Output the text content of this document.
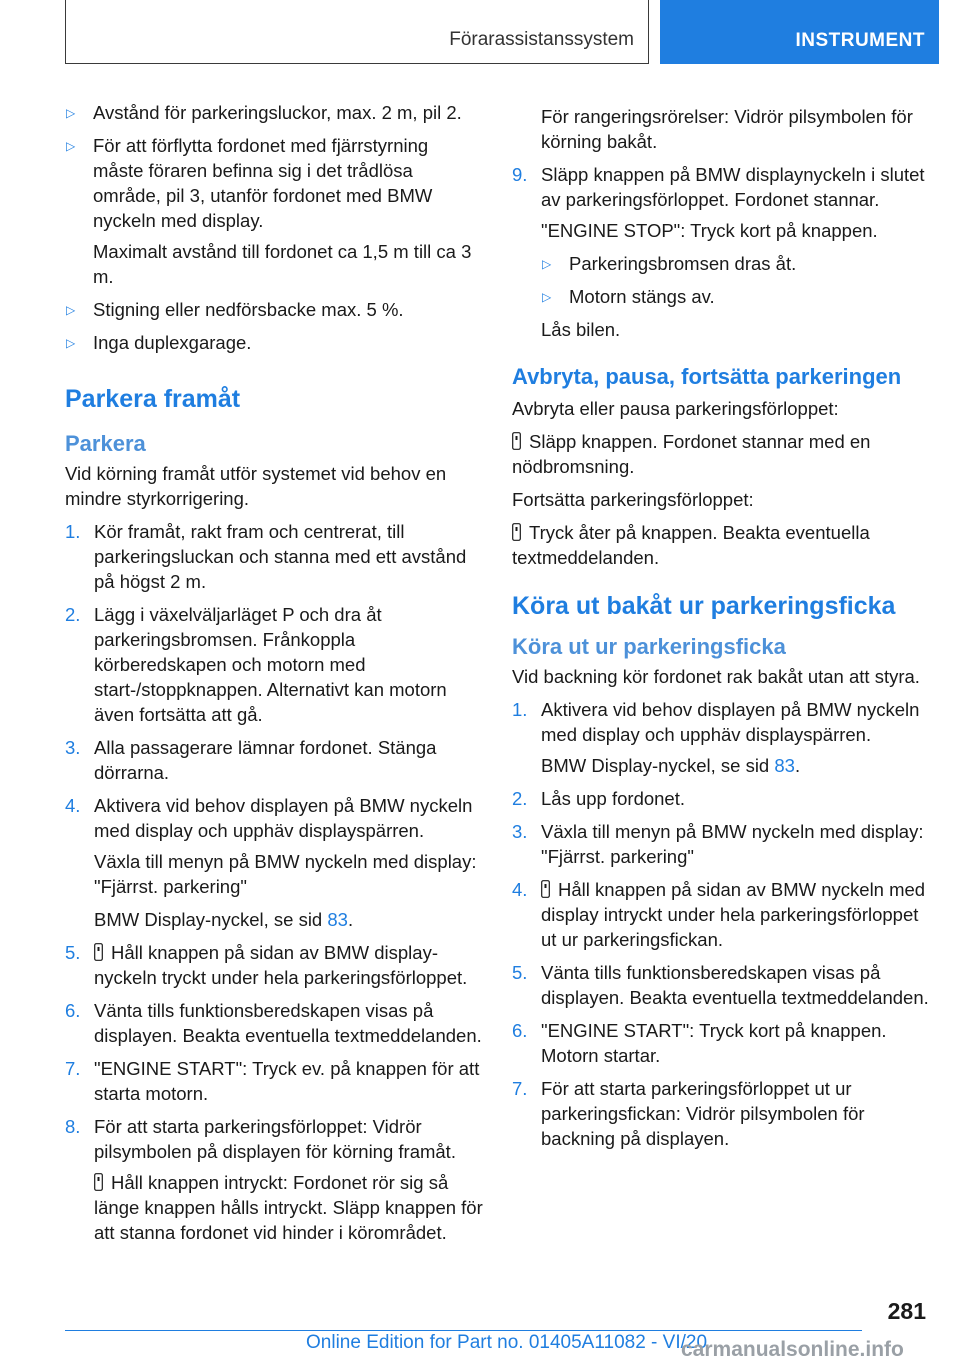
Förarassistanssystem	INSTRUMENT
▷ Avstånd för parkeringsluckor, max. 2 m, pil 2.
▷ För att förflytta fordonet med fjärrstyrning måste föraren befinna sig i det trådlösa område, pil 3, utanför fordonet med BMW nyckeln med display.

Maximalt avstånd till fordonet ca 1,5 m till ca 3 m.

▷ Stigning eller nedförsbacke max. 5 %.
▷ Inga duplexgarage.
Parkera framåt
Parkera

Vid körning framåt utför systemet vid behov en mindre styrkorrigering.

1. Kör framåt, rakt fram och centrerat, till parkeringsluckan och stanna med ett avstånd på högst 2 m.
2. Lägg i växelväljarläget P och dra åt parkeringsbromsen. Frånkoppla körberedskapen och motorn med start-/stoppknappen. Alternativt kan motorn även fortsätta att gå.
3. Alla passagerare lämnar fordonet. Stänga dörrarna.
4. Aktivera vid behov displayen på BMW nyckeln med display och upphäv displayspärren.

Växla till menyn på BMW nyckeln med display: "Fjärrst. parkering"

BMW Display-nyckel, se sid 83.

5. Håll knappen på sidan av BMW display-nyckeln tryckt under hela parkeringsförloppet.
6. Vänta tills funktionsberedskapen visas på displayen. Beakta eventuella textmeddelanden.
7. "ENGINE START": Tryck ev. på knappen för att starta motorn.
8. För att starta parkeringsförloppet: Vidrör pilsymbolen på displayen för körning framåt.

Håll knappen intryckt: Fordonet rör sig så länge knappen hålls intryckt. Släpp knappen för att stanna fordonet vid hinder i körområdet.

För rangeringsrörelser: Vidrör pilsymbolen för körning bakåt.

9. Släpp knappen på BMW displaynyckeln i slutet av parkeringsförloppet. Fordonet stannar.

"ENGINE STOP": Tryck kort på knappen.

▷ Parkeringsbromsen dras åt.
▷ Motorn stängs av.

Lås bilen.

Avbryta, pausa, fortsätta parkeringen

Avbryta eller pausa parkeringsförloppet:

Släpp knappen. Fordonet stannar med en nödbromsning.

Fortsätta parkeringsförloppet:

Tryck åter på knappen. Beakta eventuella textmeddelanden.

Köra ut bakåt ur parkeringsficka
Köra ut ur parkeringsficka

Vid backning kör fordonet rak bakåt utan att styra.

1. Aktivera vid behov displayen på BMW nyckeln med display och upphäv displayspärren.

BMW Display-nyckel, se sid 83.

2. Lås upp fordonet.
3. Växla till menyn på BMW nyckeln med display: "Fjärrst. parkering"
4. Håll knappen på sidan av BMW nyckeln med display intryckt under hela parkeringsförloppet ut ur parkeringsfickan.
5. Vänta tills funktionsberedskapen visas på displayen. Beakta eventuella textmeddelanden.
6. "ENGINE START": Tryck kort på knappen. Motorn startar.
7. För att starta parkeringsförloppet ut ur parkeringsfickan: Vidrör pilsymbolen för backning på displayen.
281
Online Edition for Part no. 01405A11082 - VI/20
carmanualsonline.info
